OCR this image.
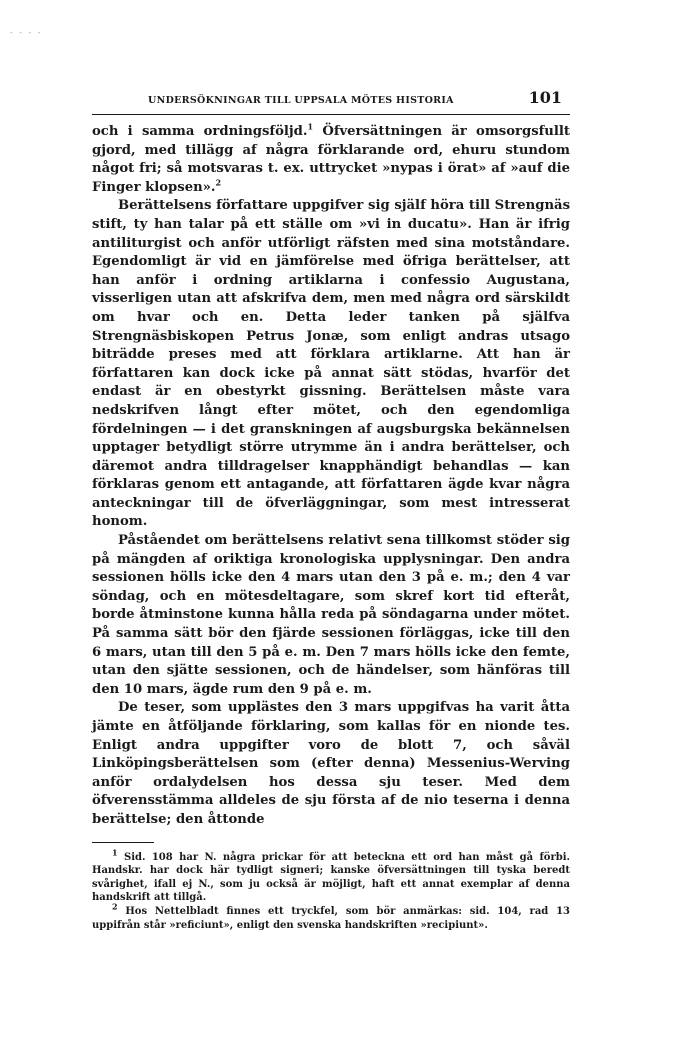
- - - -
UNDERSÖKNINGAR TILL UPPSALA MÖTES HISTORIA	101

och i samma ordningsföljd.$^1$ Öfversättningen är omsorgsfullt gjord, med tillägg af några förklarande ord, ehuru stundom något fri; så motsvaras t. ex. uttrycket »nypas i örat» af »auf die Finger klopsen».$^2$

Berättelsens författare uppgifver sig själf höra till Strengnäs stift, ty han talar på ett ställe om »vi in ducatu». Han är ifrig antiliturgist och anför utförligt räfsten med sina motståndare. Egendomligt är vid en jämförelse med öfriga berättelser, att han anför i ordning artiklarna i confessio Augustana, visserligen utan att afskrifva dem, men med några ord särskildt om hvar och en. Detta leder tanken på själfva Strengnäsbiskopen Petrus Jonæ, som enligt andras utsago biträdde preses med att förklara artiklarne. Att han är författaren kan dock icke på annat sätt stödas, hvarför det endast är en obestyrkt gissning. Berättelsen måste vara nedskrifven långt efter mötet, och den egendomliga fördelningen — i det granskningen af augsburgska bekännelsen upptager betydligt större utrymme än i andra berättelser, och däremot andra tilldragelser knapphändigt behandlas — kan förklaras genom ett antagande, att författaren ägde kvar några anteckningar till de öfverläggningar, som mest intresserat honom.

Påståendet om berättelsens relativt sena tillkomst stöder sig på mängden af oriktiga kronologiska upplysningar. Den andra sessionen hölls icke den 4 mars utan den 3 på e. m.; den 4 var söndag, och en mötesdeltagare, som skref kort tid efteråt, borde åtminstone kunna hålla reda på söndagarna under mötet. På samma sätt bör den fjärde sessionen förläggas, icke till den 6 mars, utan till den 5 på e. m. Den 7 mars hölls icke den femte, utan den sjätte sessionen, och de händelser, som hänföras till den 10 mars, ägde rum den 9 på e. m.

De teser, som upplästes den 3 mars uppgifvas ha varit åtta jämte en åtföljande förklaring, som kallas för en nionde tes. Enligt andra uppgifter voro de blott 7, och såväl Linköpingsberättelsen som (efter denna) Messenius-Werving anför ordalydelsen hos dessa sju teser. Med dem öfverensstämma alldeles de sju första af de nio teserna i denna berättelse; den åttonde

$^1$ Sid. 108 har N. några prickar för att beteckna ett ord han måst gå förbi. Handskr. har dock här tydligt signeri; kanske öfversättningen till tyska beredt svårighet, ifall ej N., som ju också är möjligt, haft ett annat exemplar af denna handskrift att tillgå.

$^2$ Hos Nettelbladt finnes ett tryckfel, som bör anmärkas: sid. 104, rad 13 uppifrån står »reficiunt», enligt den svenska handskriften »recipiunt».
